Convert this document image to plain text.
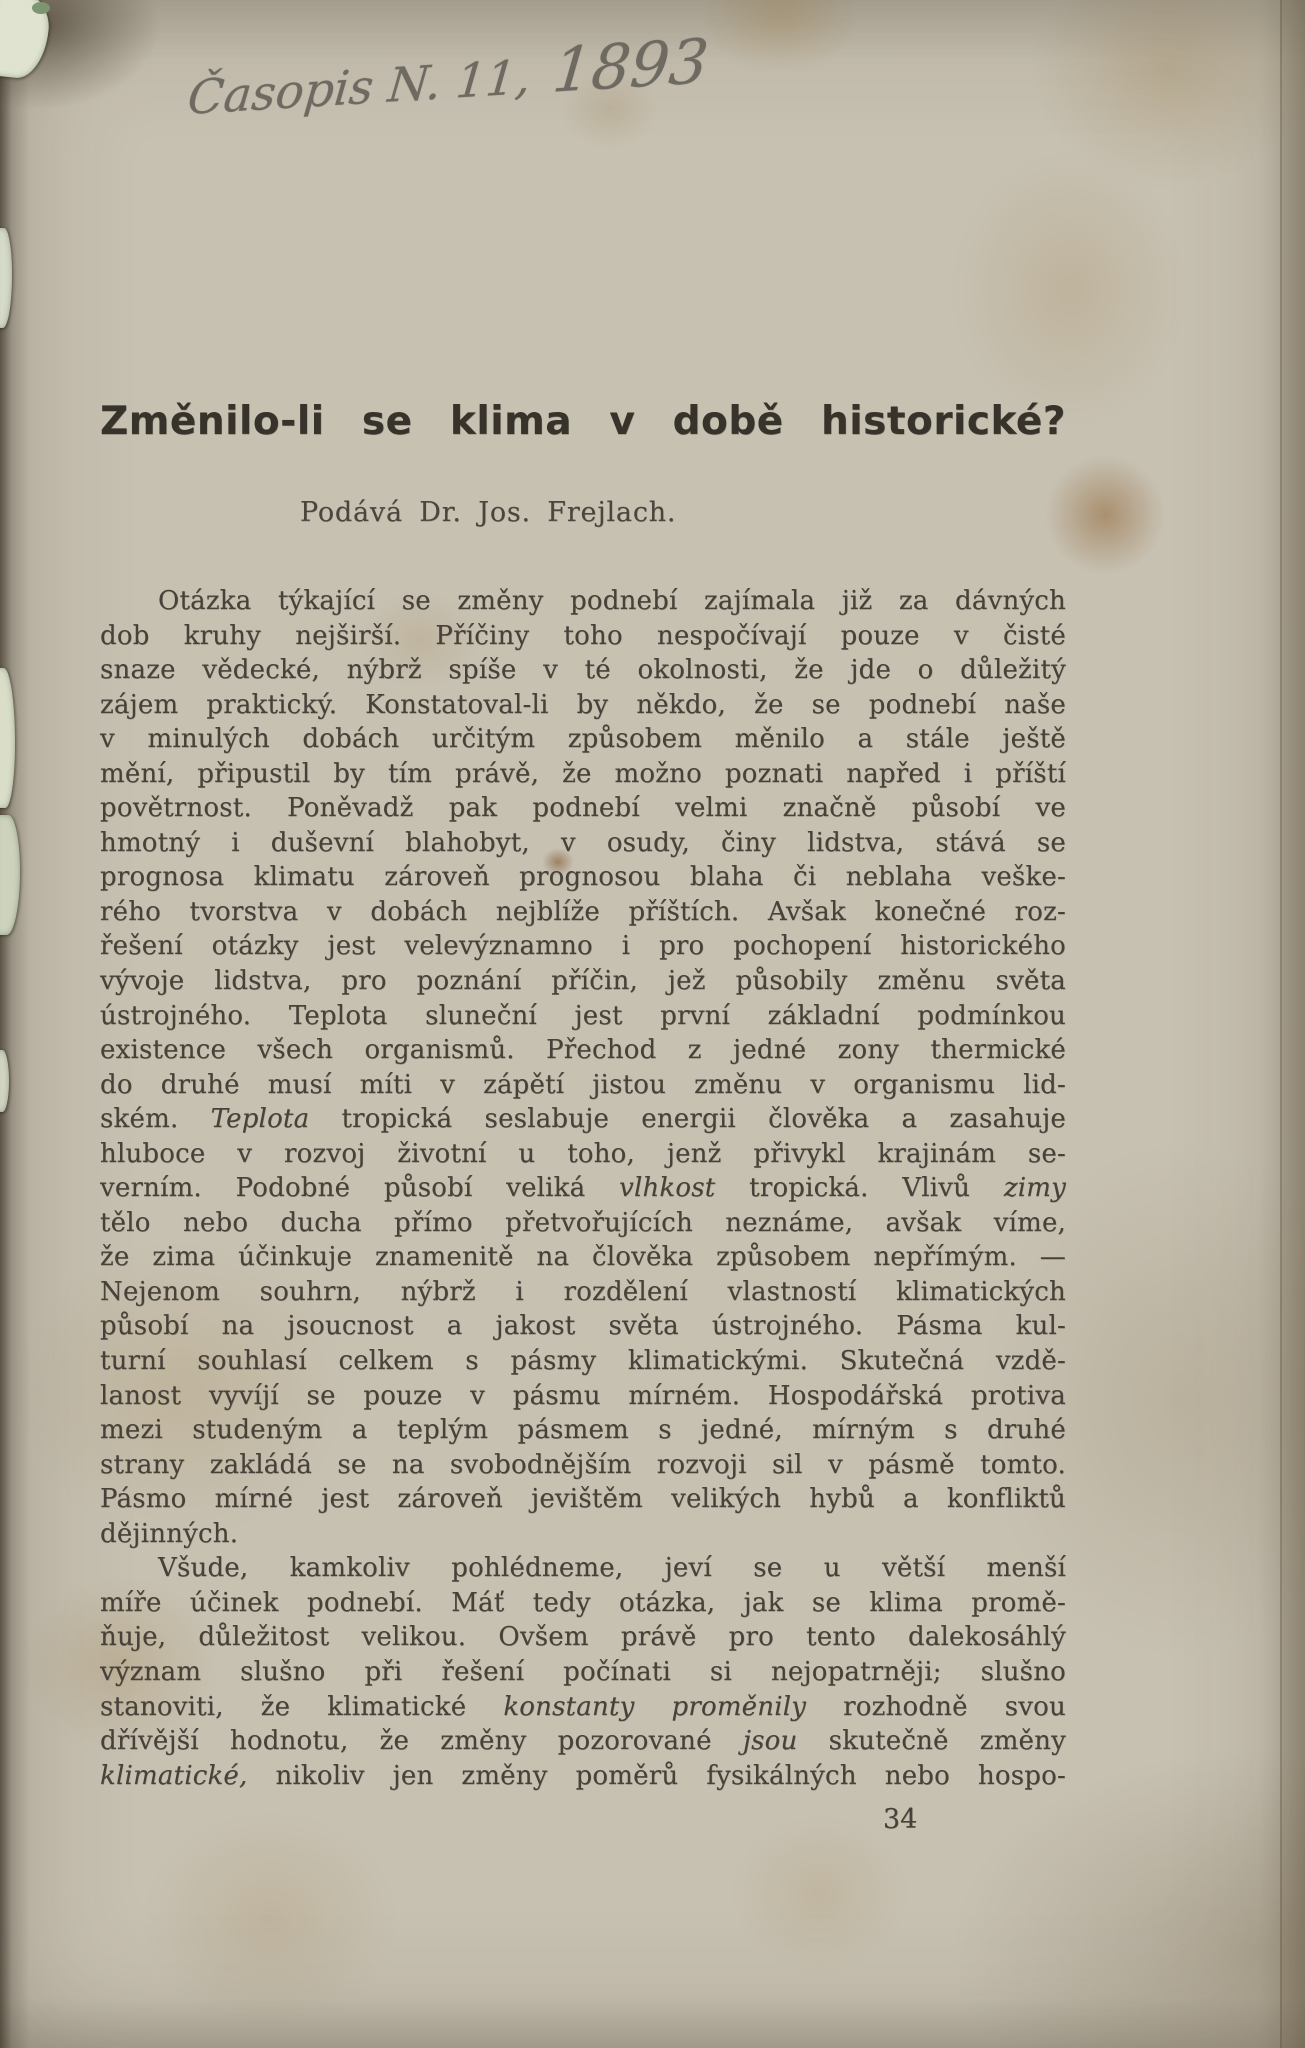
Časopis N. 11, 1893
Změnilo-li se klima v době historické?
Podává Dr. Jos. Frejlach.
Otázka týkající se změny podnebí zajímala již za dávných
dob kruhy nejširší. Příčiny toho nespočívají pouze v čisté
snaze vědecké, nýbrž spíše v té okolnosti, že jde o důležitý
zájem praktický. Konstatoval-li by někdo, že se podnebí naše
v minulých dobách určitým způsobem měnilo a stále ještě
mění, připustil by tím právě, že možno poznati napřed i příští
povětrnost. Poněvadž pak podnebí velmi značně působí ve
hmotný i duševní blahobyt, v osudy, činy lidstva, stává se
prognosa klimatu zároveň prognosou blaha či neblaha veške-
rého tvorstva v dobách nejblíže příštích. Avšak konečné roz-
řešení otázky jest velevýznamno i pro pochopení historického
vývoje lidstva, pro poznání příčin, jež působily změnu světa
ústrojného. Teplota sluneční jest první základní podmínkou
existence všech organismů. Přechod z jedné zony thermické
do druhé musí míti v zápětí jistou změnu v organismu lid-
ském. Teplota tropická seslabuje energii člověka a zasahuje
hluboce v rozvoj životní u toho, jenž přivykl krajinám se-
verním. Podobné působí veliká vlhkost tropická. Vlivů zimy
tělo nebo ducha přímo přetvořujících neznáme, avšak víme,
že zima účinkuje znamenitě na člověka způsobem nepřímým. —
Nejenom souhrn, nýbrž i rozdělení vlastností klimatických
působí na jsoucnost a jakost světa ústrojného. Pásma kul-
turní souhlasí celkem s pásmy klimatickými. Skutečná vzdě-
lanost vyvíjí se pouze v pásmu mírném. Hospodářská protiva
mezi studeným a teplým pásmem s jedné, mírným s druhé
strany zakládá se na svobodnějším rozvoji sil v pásmě tomto.
Pásmo mírné jest zároveň jevištěm velikých hybů a konfliktů
dějinných.
Všude, kamkoliv pohlédneme, jeví se u větší menší
míře účinek podnebí. Máť tedy otázka, jak se klima promě-
ňuje, důležitost velikou. Ovšem právě pro tento dalekosáhlý
význam slušno při řešení počínati si nejopatrněji; slušno
stanoviti, že klimatické konstanty proměnily rozhodně svou
dřívější hodnotu, že změny pozorované jsou skutečně změny
klimatické, nikoliv jen změny poměrů fysikálných nebo hospo-
34
